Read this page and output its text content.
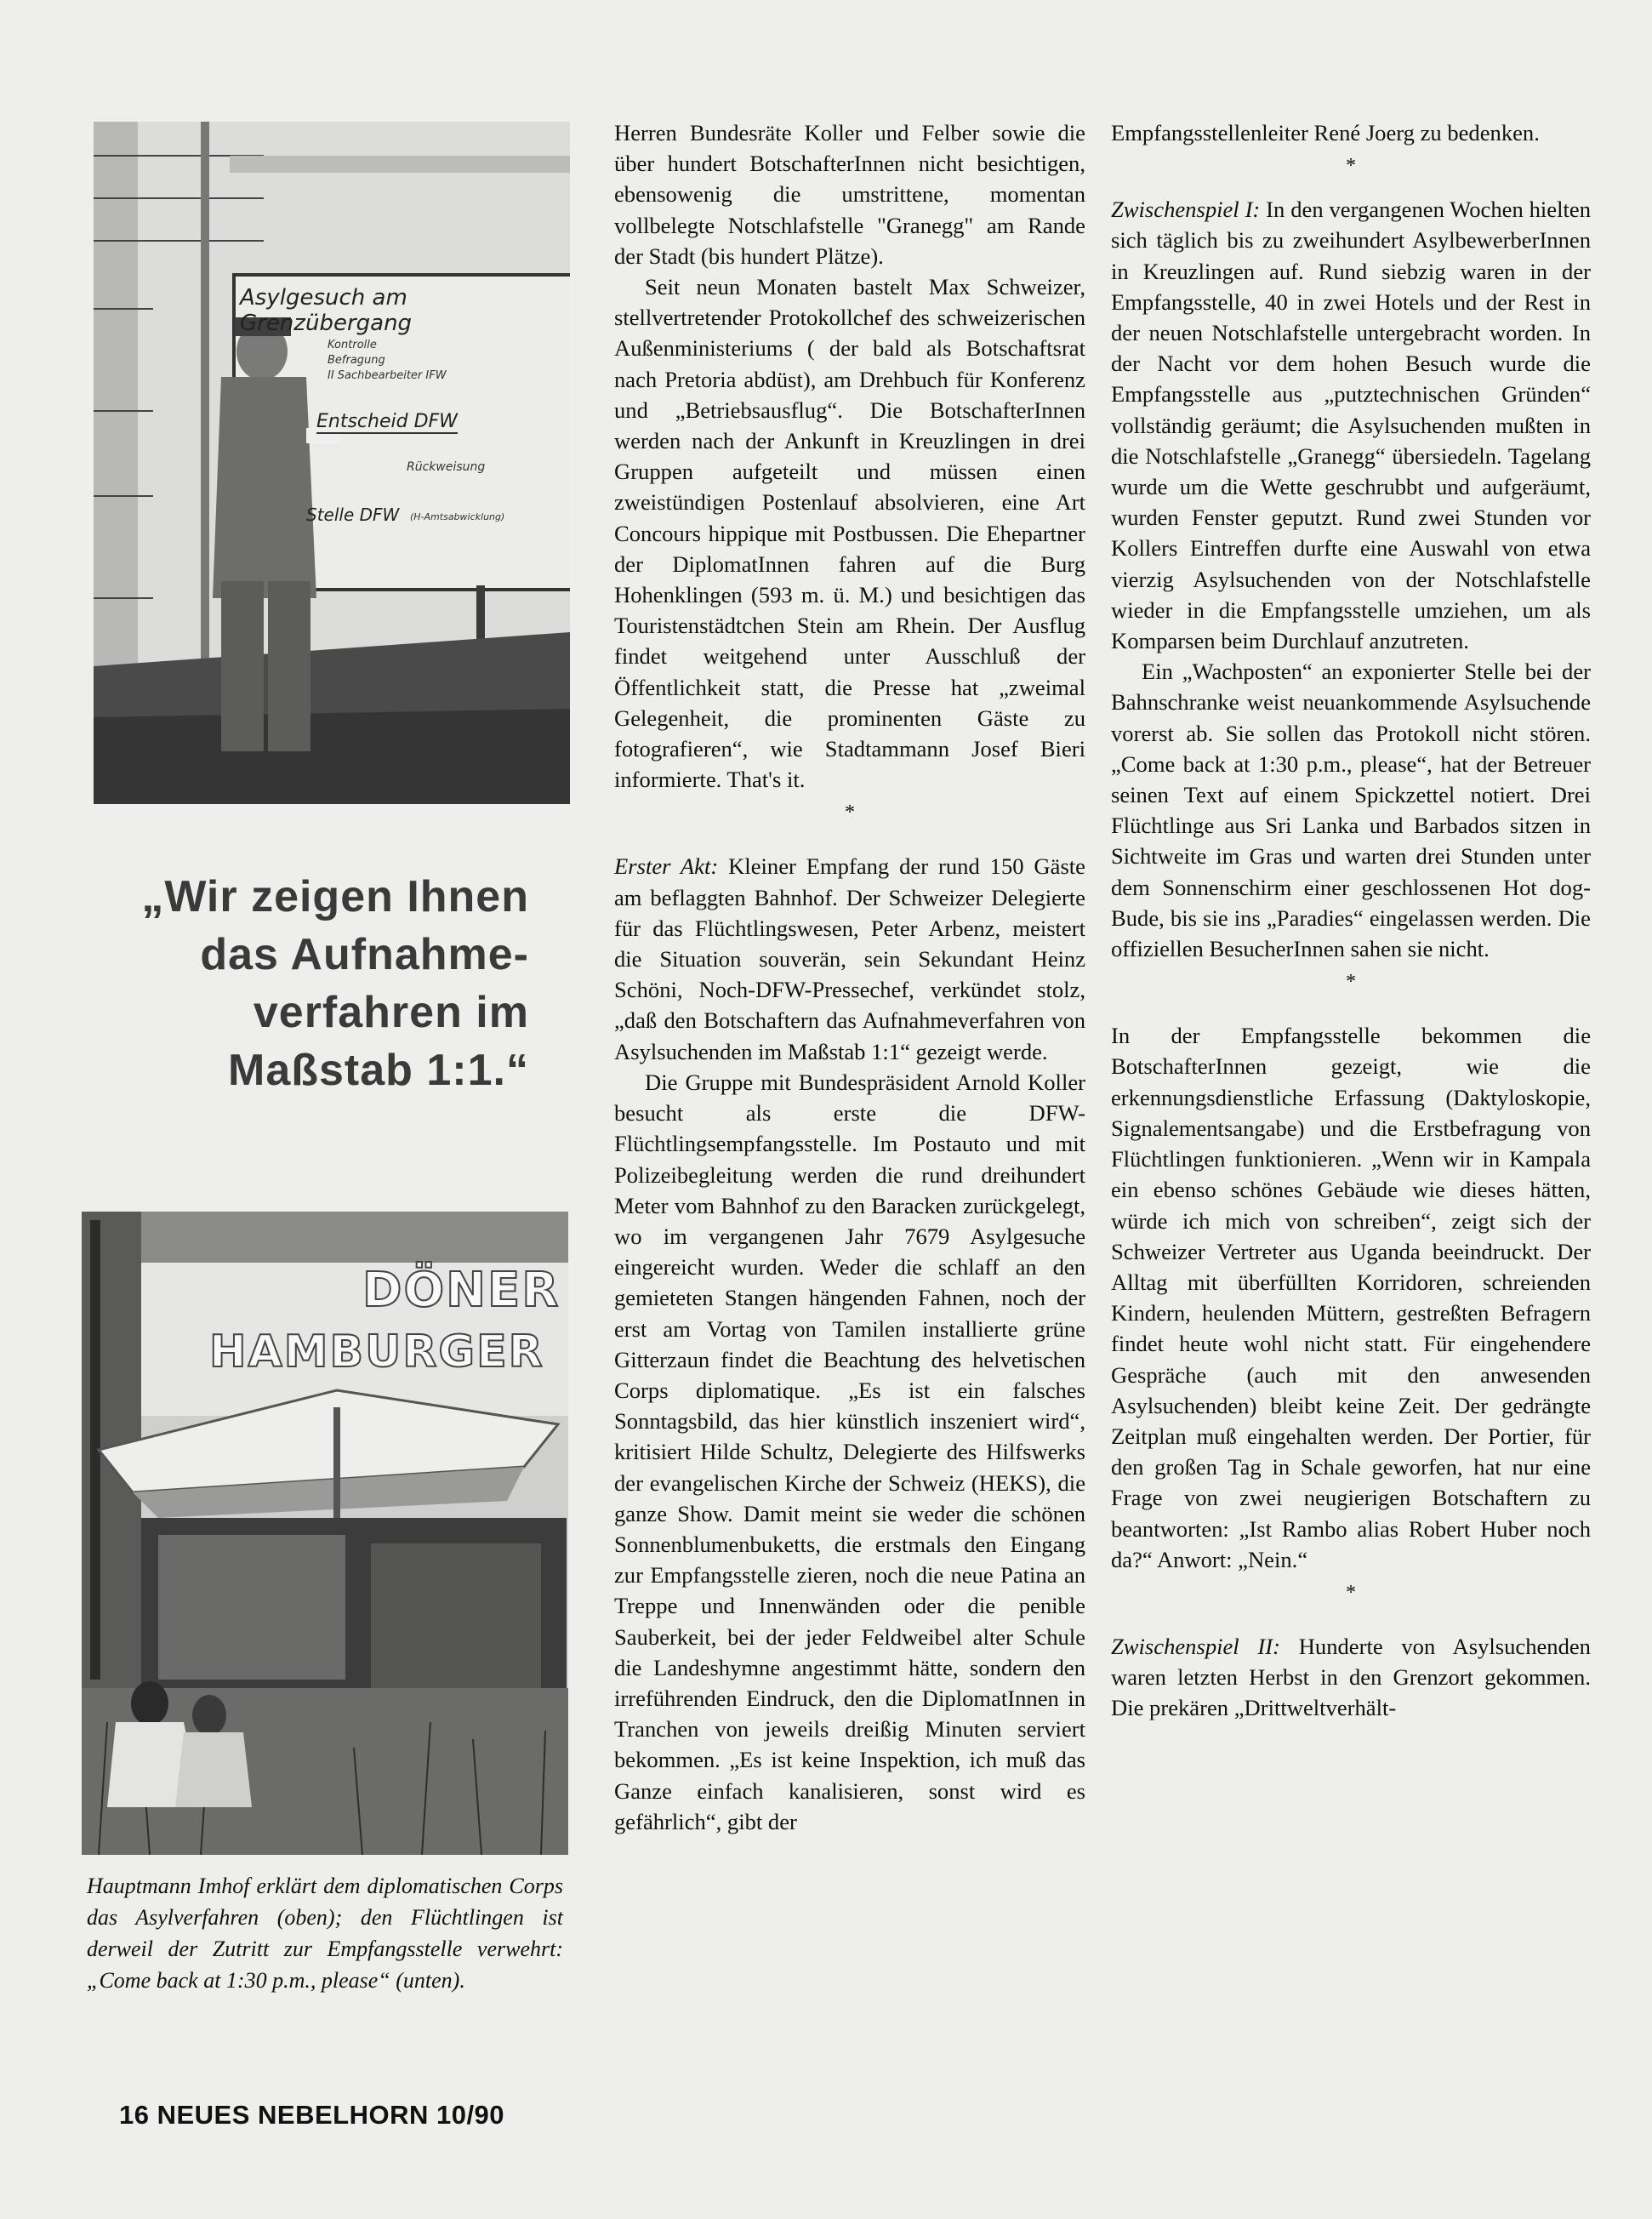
Asylgesuch am Grenzübergang
Kontrolle
Befragung
II Sachbearbeiter IFW
Entscheid DFW
Rückweisung
Stelle DFW (H-Amtsabwicklung)
„Wir zeigen Ihnen
das Aufnahme-
verfahren im
Maßstab 1:1.“
DÖNER
HAMBURGER
Hauptmann Imhof erklärt dem diplomatischen Corps das Asylverfahren (oben); den Flüchtlingen ist derweil der Zutritt zur Empfangsstelle verwehrt: „Come back at 1:30 p.m., please“ (unten).

Herren Bundesräte Koller und Felber sowie die über hundert BotschafterInnen nicht besichtigen, ebensowenig die umstrittene, momentan vollbelegte Notschlafstelle "Granegg" am Rande der Stadt (bis hundert Plätze).

Seit neun Monaten bastelt Max Schweizer, stellvertretender Protokollchef des schweizerischen Außenministeriums ( der bald als Botschaftsrat nach Pretoria abdüst), am Drehbuch für Konferenz und „Betriebsausflug“. Die BotschafterInnen werden nach der Ankunft in Kreuzlingen in drei Gruppen aufgeteilt und müssen einen zweistündigen Postenlauf absolvieren, eine Art Concours hippique mit Postbussen. Die Ehepartner der DiplomatInnen fahren auf die Burg Hohenklingen (593 m. ü. M.) und besichtigen das Touristenstädtchen Stein am Rhein. Der Ausflug findet weitgehend unter Ausschluß der Öffentlichkeit statt, die Presse hat „zweimal Gelegenheit, die prominenten Gäste zu fotografieren“, wie Stadtammann Josef Bieri informierte. That's it.

*

Erster Akt: Kleiner Empfang der rund 150 Gäste am beflaggten Bahnhof. Der Schweizer Delegierte für das Flüchtlingswesen, Peter Arbenz, meistert die Situation souverän, sein Sekundant Heinz Schöni, Noch-DFW-Pressechef, verkündet stolz, „daß den Botschaftern das Aufnahmeverfahren von Asylsuchenden im Maßstab 1:1“ gezeigt werde.

Die Gruppe mit Bundespräsident Arnold Koller besucht als erste die DFW-Flüchtlingsempfangsstelle. Im Postauto und mit Polizeibegleitung werden die rund dreihundert Meter vom Bahnhof zu den Baracken zurückgelegt, wo im vergangenen Jahr 7679 Asylgesuche eingereicht wurden. Weder die schlaff an den gemieteten Stangen hängenden Fahnen, noch der erst am Vortag von Tamilen installierte grüne Gitterzaun findet die Beachtung des helvetischen Corps diplomatique. „Es ist ein falsches Sonntagsbild, das hier künstlich inszeniert wird“, kritisiert Hilde Schultz, Delegierte des Hilfswerks der evangelischen Kirche der Schweiz (HEKS), die ganze Show. Damit meint sie weder die schönen Sonnenblumenbuketts, die erstmals den Eingang zur Empfangsstelle zieren, noch die neue Patina an Treppe und Innenwänden oder die penible Sauberkeit, bei der jeder Feldweibel alter Schule die Landeshymne angestimmt hätte, sondern den irreführenden Eindruck, den die DiplomatInnen in Tranchen von jeweils dreißig Minuten serviert bekommen. „Es ist keine Inspektion, ich muß das Ganze einfach kanalisieren, sonst wird es gefährlich“, gibt der

Empfangsstellenleiter René Joerg zu bedenken.

*

Zwischenspiel I: In den vergangenen Wochen hielten sich täglich bis zu zweihundert AsylbewerberInnen in Kreuzlingen auf. Rund siebzig waren in der Empfangsstelle, 40 in zwei Hotels und der Rest in der neuen Notschlafstelle untergebracht worden. In der Nacht vor dem hohen Besuch wurde die Empfangsstelle aus „putztechnischen Gründen“ vollständig geräumt; die Asylsuchenden mußten in die Notschlafstelle „Granegg“ übersiedeln. Tagelang wurde um die Wette geschrubbt und aufgeräumt, wurden Fenster geputzt. Rund zwei Stunden vor Kollers Eintreffen durfte eine Auswahl von etwa vierzig Asylsuchenden von der Notschlafstelle wieder in die Empfangsstelle umziehen, um als Komparsen beim Durchlauf anzutreten.

Ein „Wachposten“ an exponierter Stelle bei der Bahnschranke weist neuankommende Asylsuchende vorerst ab. Sie sollen das Protokoll nicht stören. „Come back at 1:30 p.m., please“, hat der Betreuer seinen Text auf einem Spickzettel notiert. Drei Flüchtlinge aus Sri Lanka und Barbados sitzen in Sichtweite im Gras und warten drei Stunden unter dem Sonnenschirm einer geschlossenen Hot dog-Bude, bis sie ins „Paradies“ eingelassen werden. Die offiziellen BesucherInnen sahen sie nicht.

*

In der Empfangsstelle bekommen die BotschafterInnen gezeigt, wie die erkennungsdienstliche Erfassung (Daktyloskopie, Signalementsangabe) und die Erstbefragung von Flüchtlingen funktionieren. „Wenn wir in Kampala ein ebenso schönes Gebäude wie dieses hätten, würde ich mich von schreiben“, zeigt sich der Schweizer Vertreter aus Uganda beeindruckt. Der Alltag mit überfüllten Korridoren, schreienden Kindern, heulenden Müttern, gestreßten Befragern findet heute wohl nicht statt. Für eingehendere Gespräche (auch mit den anwesenden Asylsuchenden) bleibt keine Zeit. Der gedrängte Zeitplan muß eingehalten werden. Der Portier, für den großen Tag in Schale geworfen, hat nur eine Frage von zwei neugierigen Botschaftern zu beantworten: „Ist Rambo alias Robert Huber noch da?“ Anwort: „Nein.“

*

Zwischenspiel II: Hunderte von Asylsuchenden waren letzten Herbst in den Grenzort gekommen. Die prekären „Drittweltverhält-

16 NEUES NEBELHORN 10/90
